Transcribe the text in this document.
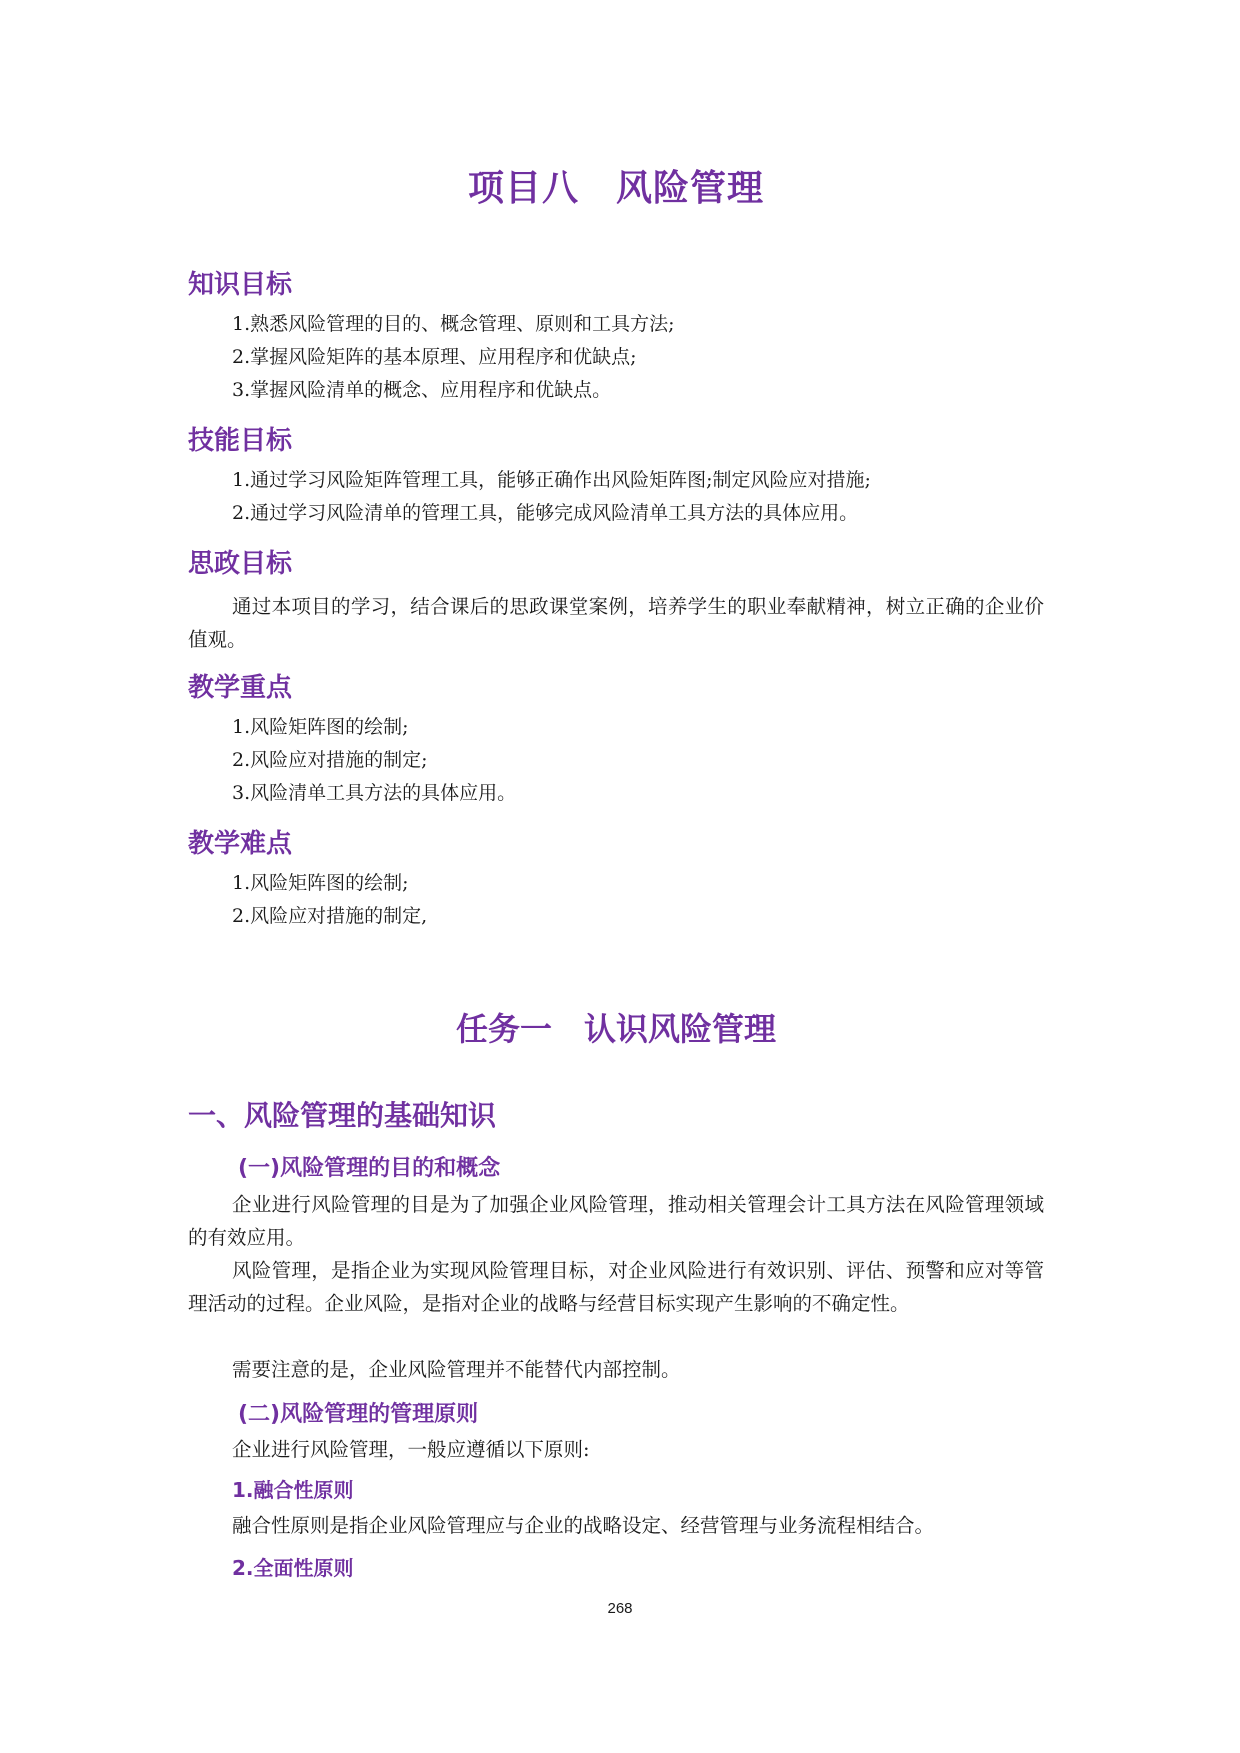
项目八　风险管理
知识目标
1.熟悉风险管理的目的、概念管理、原则和工具方法;
2.掌握风险矩阵的基本原理、应用程序和优缺点;
3.掌握风险清单的概念、应用程序和优缺点。
技能目标
1.通过学习风险矩阵管理工具，能够正确作出风险矩阵图;制定风险应对措施;
2.通过学习风险清单的管理工具，能够完成风险清单工具方法的具体应用。
思政目标
通过本项目的学习，结合课后的思政课堂案例，培养学生的职业奉献精神，树立正确的企业价值观。
教学重点
1.风险矩阵图的绘制;
2.风险应对措施的制定;
3.风险清单工具方法的具体应用。
教学难点
1.风险矩阵图的绘制;
2.风险应对措施的制定,
任务一　认识风险管理
一、风险管理的基础知识
(一)风险管理的目的和概念
企业进行风险管理的目是为了加强企业风险管理，推动相关管理会计工具方法在风险管理领域的有效应用。
风险管理，是指企业为实现风险管理目标，对企业风险进行有效识别、评估、预警和应对等管理活动的过程。企业风险，是指对企业的战略与经营目标实现产生影响的不确定性。
需要注意的是，企业风险管理并不能替代内部控制。
(二)风险管理的管理原则
企业进行风险管理，一般应遵循以下原则:
1.融合性原则
融合性原则是指企业风险管理应与企业的战略设定、经营管理与业务流程相结合。
2.全面性原则
268
